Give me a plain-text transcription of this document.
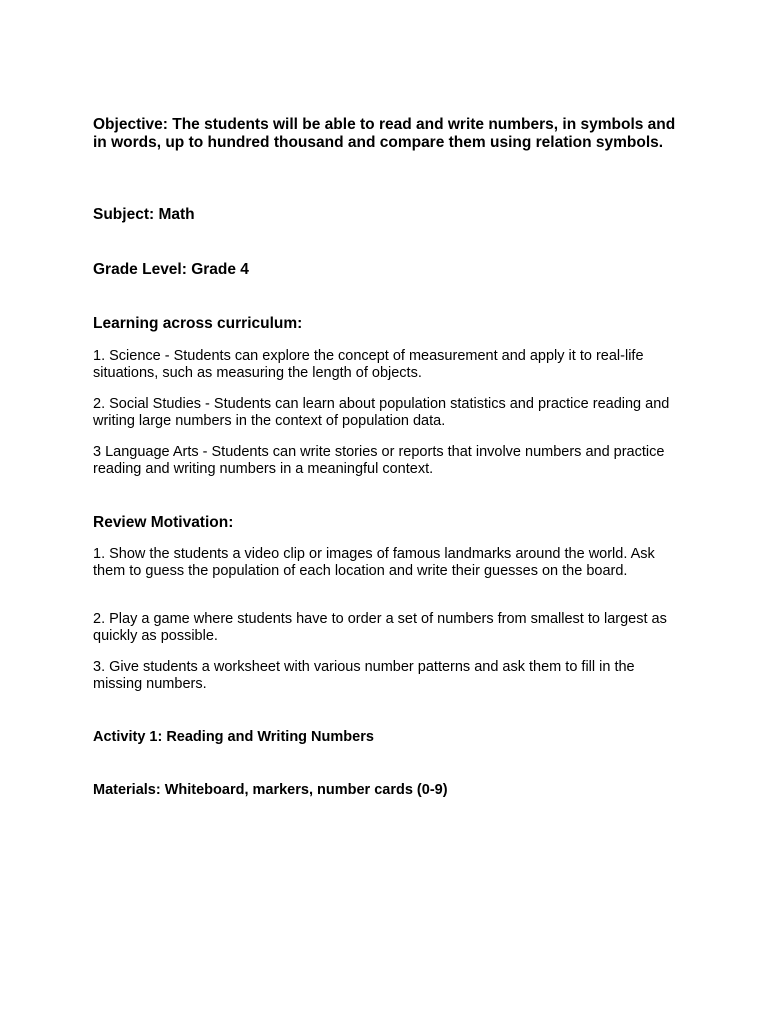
Objective: The students will be able to read and write numbers, in symbols and in words, up to hundred thousand and compare them using relation symbols.

Subject: Math

Grade Level: Grade 4

Learning across curriculum:

1. Science - Students can explore the concept of measurement and apply it to real-life situations, such as measuring the length of objects.

2. Social Studies - Students can learn about population statistics and practice reading and writing large numbers in the context of population data.

3 Language Arts - Students can write stories or reports that involve numbers and practice reading and writing numbers in a meaningful context.

Review Motivation:

1. Show the students a video clip or images of famous landmarks around the world. Ask them to guess the population of each location and write their guesses on the board.

2. Play a game where students have to order a set of numbers from smallest to largest as quickly as possible.

3. Give students a worksheet with various number patterns and ask them to fill in the missing numbers.

Activity 1: Reading and Writing Numbers

Materials: Whiteboard, markers, number cards (0-9)
